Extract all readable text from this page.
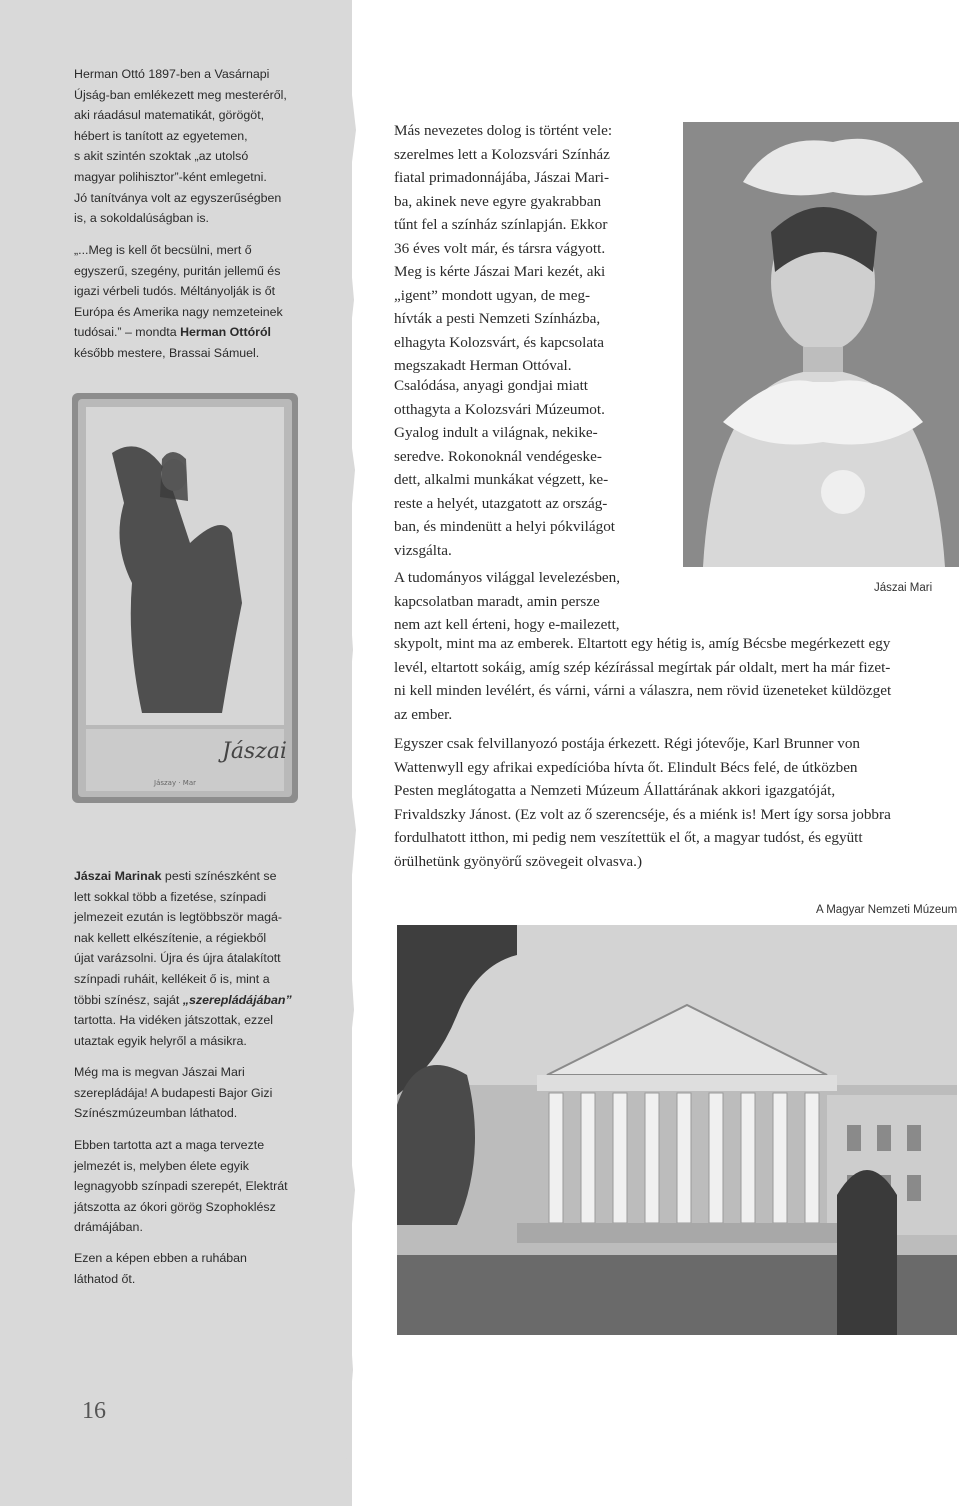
Herman Ottó 1897-ben a Vasárnapi
Újság-ban emlékezett meg mesteréről,
aki ráadásul matematikát, görögöt,
hébert is tanított az egyetemen,
s akit szintén szoktak „az utolsó
magyar polihisztor”-ként emlegetni.
Jó tanítványa volt az egyszerűségben
is, a sokoldalúságban is.

„...Meg is kell őt becsülni, mert ő
egyszerű, szegény, puritán jellemű és
igazi vérbeli tudós. Méltányolják is őt
Európa és Amerika nagy nemzeteinek
tudósai.” – mondta Herman Ottóról
később mestere, Brassai Sámuel.

Jászai
Jászay · Mar

Jászai Marinak pesti színészként se
lett sokkal több a fizetése, színpadi
jelmezeit ezután is legtöbbször magá-
nak kellett elkészítenie, a régiekből
újat varázsolni. Újra és újra átalakított
színpadi ruháit, kellékeit ő is, mint a
többi színész, saját „szerepládájában”
tartotta. Ha vidéken játszottak, ezzel
utaztak egyik helyről a másikra.

Még ma is megvan Jászai Mari
szerepládája! A budapesti Bajor Gizi
Színészmúzeumban láthatod.

Ebben tartotta azt a maga tervezte
jelmezét is, melyben élete egyik
legnagyobb színpadi szerepét, Elektrát
játszotta az ókori görög Szophoklész
drámájában.

Ezen a képen ebben a ruhában
láthatod őt.

Más nevezetes dolog is történt vele:
szerelmes lett a Kolozsvári Színház
fiatal primadonnájába, Jászai Mari-
ba, akinek neve egyre gyakrabban
tűnt fel a színház színlapján. Ekkor
36 éves volt már, és társra vágyott.
Meg is kérte Jászai Mari kezét, aki
„igent” mondott ugyan, de meg-
hívták a pesti Nemzeti Színházba,
elhagyta Kolozsvárt, és kapcsolata
megszakadt Herman Ottóval.
Csalódása, anyagi gondjai miatt
otthagyta a Kolozsvári Múzeumot.
Gyalog indult a világnak, nekike-
seredve. Rokonoknál vendégeske-
dett, alkalmi munkákat végzett, ke-
reste a helyét, utazgatott az ország-
ban, és mindenütt a helyi pókvilágot
vizsgálta.
A tudományos világgal levelezésben,
kapcsolatban maradt, amin persze
nem azt kell érteni, hogy e-mailezett,
skypolt, mint ma az emberek. Eltartott egy hétig is, amíg Bécsbe megérkezett egy
levél, eltartott sokáig, amíg szép kézírással megírtak pár oldalt, mert ha már fizet-
ni kell minden levélért, és várni, várni a válaszra, nem rövid üzeneteket küldözget
az ember.
Egyszer csak felvillanyozó postája érkezett. Régi jótevője, Karl Brunner von
Wattenwyll egy afrikai expedícióba hívta őt. Elindult Bécs felé, de útközben
Pesten meglátogatta a Nemzeti Múzeum Állattárának akkori igazgatóját,
Frivaldszky Jánost. (Ez volt az ő szerencséje, és a miénk is! Mert így sorsa jobbra
fordulhatott itthon, mi pedig nem veszítettük el őt, a magyar tudóst, és együtt
örülhetünk gyönyörű szövegeit olvasva.)
Jászai Mari
A Magyar Nemzeti Múzeum
16
